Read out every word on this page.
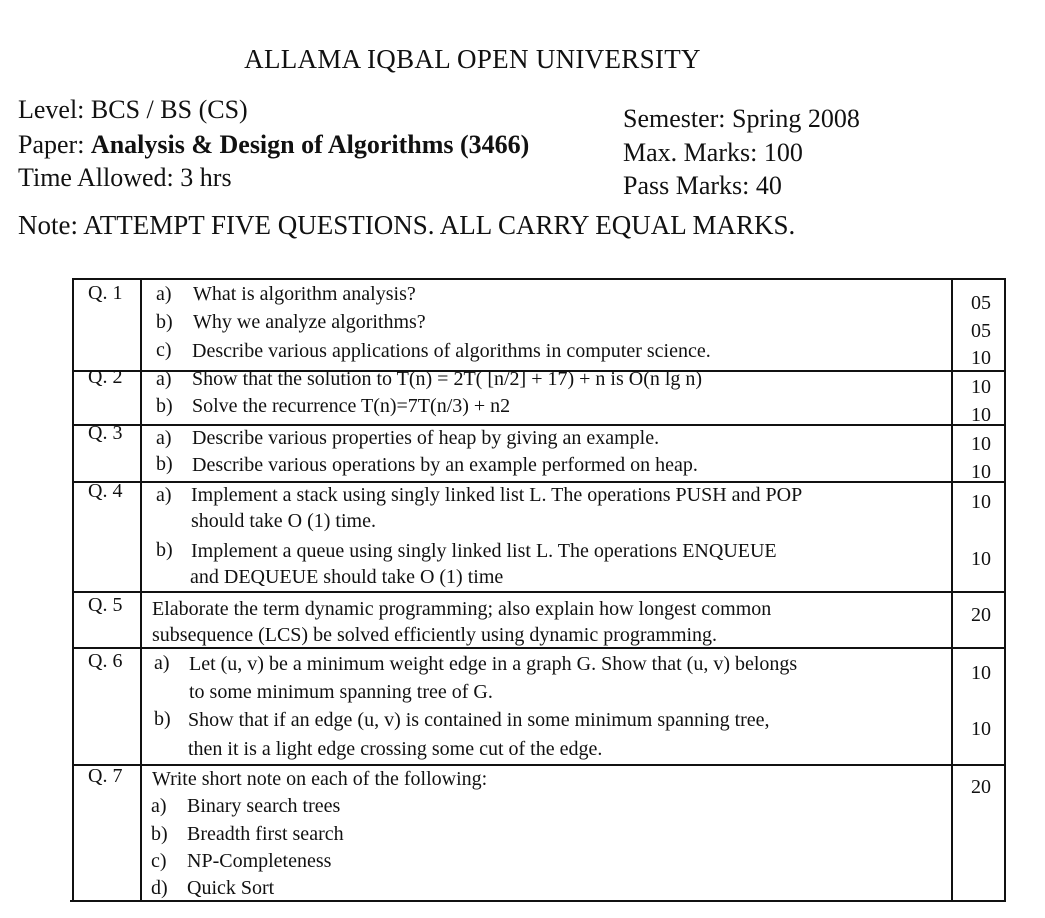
ALLAMA IQBAL OPEN UNIVERSITY
Level: BCS / BS (CS)
Paper: Analysis & Design of Algorithms (3466)
Time Allowed: 3 hrs
Semester: Spring 2008
Max. Marks: 100
Pass Marks: 40
Note: ATTEMPT FIVE QUESTIONS. ALL CARRY EQUAL MARKS.
Q. 1 a) What is algorithm analysis?	05
b) Why we analyze algorithms?	05
c) Describe various applications of algorithms in computer science.	10
Q. 2 a) Show that the solution to T(n) = 2T( [n/2] + 17) + n is O(n lg n)	10
b) Solve the recurrence T(n)=7T(n/3) + n2	10
Q. 3 a) Describe various properties of heap by giving an example.	10
b) Describe various operations by an example performed on heap.	10
Q. 4 a) Implement a stack using singly linked list L. The operations PUSH and POP
should take O (1) time.
10
b) Implement a queue using singly linked list L. The operations ENQUEUE
and DEQUEUE should take O (1) time
10
Q. 5 Elaborate the term dynamic programming; also explain how longest common
subsequence (LCS) be solved efficiently using dynamic programming.
20
Q. 6 a) Let (u, v) be a minimum weight edge in a graph G. Show that (u, v) belongs
to some minimum spanning tree of G.
10
b) Show that if an edge (u, v) is contained in some minimum spanning tree,
then it is a light edge crossing some cut of the edge.
10
Q. 7 Write short note on each of the following:
a) Binary search trees
b) Breadth first search
c) NP-Completeness
d) Quick Sort
20
